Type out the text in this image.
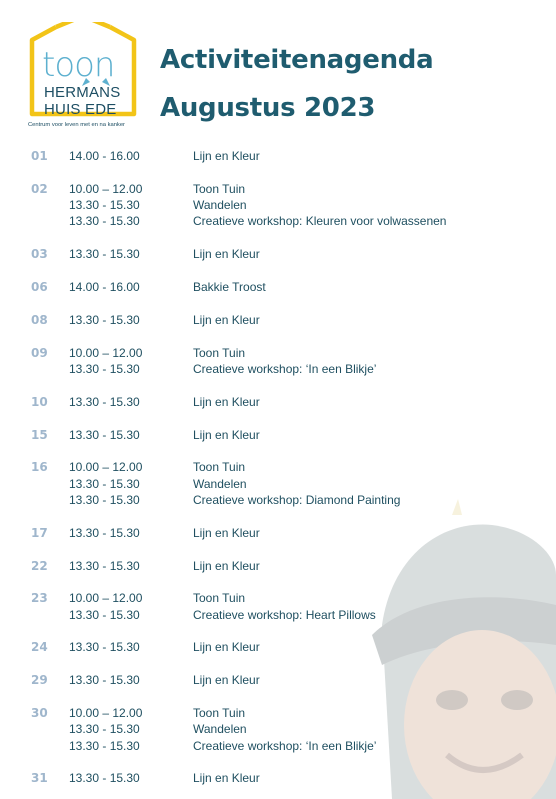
toon
HERMANS
HUIS EDE
Centrum voor leven met en na kanker
Activiteitenagenda
Augustus 2023
01 14.00 - 16.00	Lijn en Kleur
02 10.00 – 12.00	Toon Tuin
13.30 - 15.30	Wandelen
13.30 - 15.30	Creatieve workshop: Kleuren voor volwassenen
03 13.30 - 15.30	Lijn en Kleur
06 14.00 - 16.00	Bakkie Troost
08 13.30 - 15.30	Lijn en Kleur
09 10.00 – 12.00	Toon Tuin
13.30 - 15.30	Creatieve workshop: ‘In een Blikje’
10 13.30 - 15.30	Lijn en Kleur
15 13.30 - 15.30	Lijn en Kleur
16 10.00 – 12.00	Toon Tuin
13.30 - 15.30	Wandelen
13.30 - 15.30	Creatieve workshop: Diamond Painting
17 13.30 - 15.30	Lijn en Kleur
22 13.30 - 15.30	Lijn en Kleur
23 10.00 – 12.00	Toon Tuin
13.30 - 15.30	Creatieve workshop: Heart Pillows
24 13.30 - 15.30	Lijn en Kleur
29 13.30 - 15.30	Lijn en Kleur
30 10.00 – 12.00	Toon Tuin
13.30 - 15.30	Wandelen
13.30 - 15.30	Creatieve workshop: ‘In een Blikje’
31 13.30 - 15.30	Lijn en Kleur
